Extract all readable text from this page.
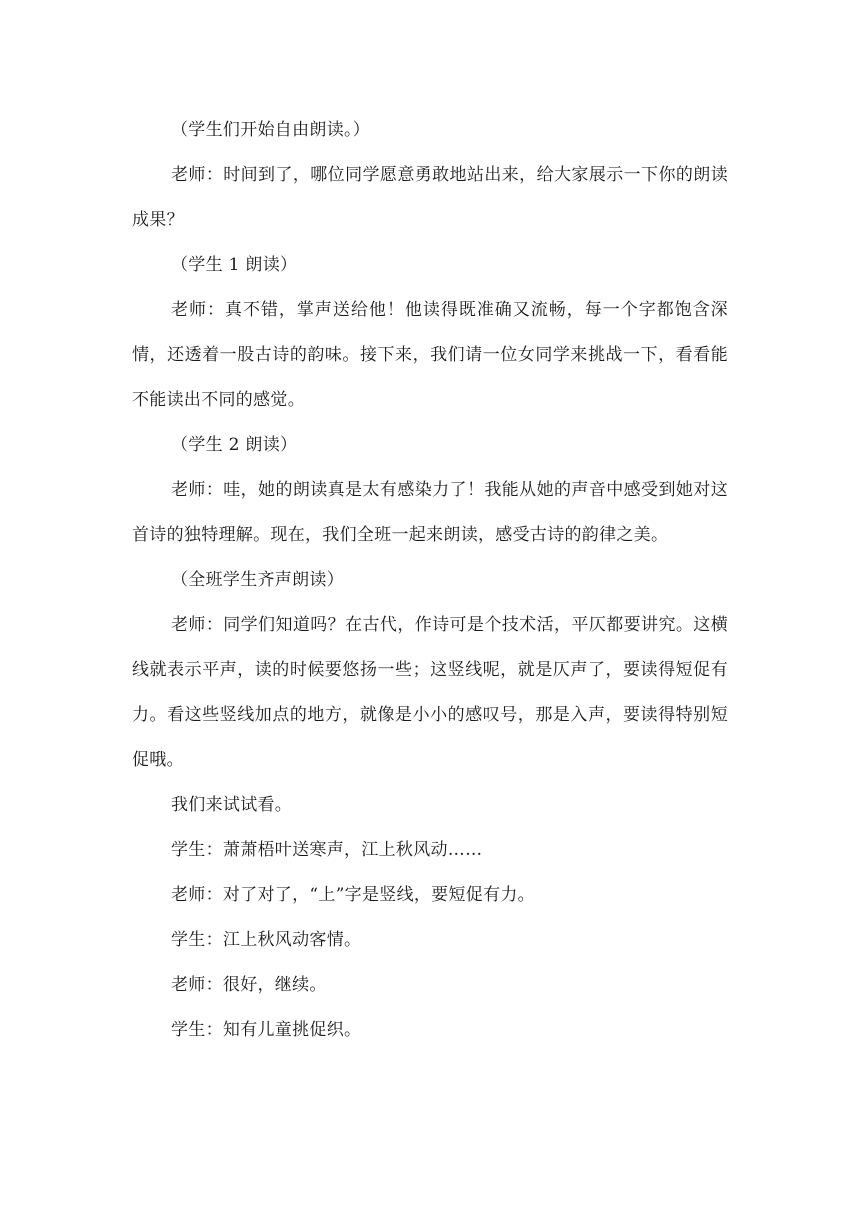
（学生们开始自由朗读。）

老师：时间到了，哪位同学愿意勇敢地站出来，给大家展示一下你的朗读成果？

（学生 1 朗读）

老师：真不错，掌声送给他！他读得既准确又流畅，每一个字都饱含深情，还透着一股古诗的韵味。接下来，我们请一位女同学来挑战一下，看看能不能读出不同的感觉。

（学生 2 朗读）

老师：哇，她的朗读真是太有感染力了！我能从她的声音中感受到她对这首诗的独特理解。现在，我们全班一起来朗读，感受古诗的韵律之美。

（全班学生齐声朗读）

老师：同学们知道吗？在古代，作诗可是个技术活，平仄都要讲究。这横线就表示平声，读的时候要悠扬一些；这竖线呢，就是仄声了，要读得短促有力。看这些竖线加点的地方，就像是小小的感叹号，那是入声，要读得特别短促哦。

我们来试试看。

学生：萧萧梧叶送寒声，江上秋风动……

老师：对了对了，“上”字是竖线，要短促有力。

学生：江上秋风动客情。

老师：很好，继续。

学生：知有儿童挑促织。
